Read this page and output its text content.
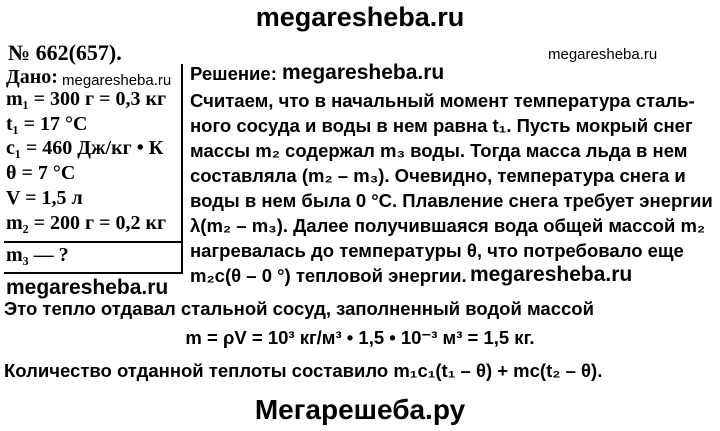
megaresheba.ru
megaresheba.ru
№ 662(657).
Дано: megaresheba.ru
m₁ = 300 г = 0,3 кг
t₁ = 17 °С
c₁ = 460 Дж/кг • К
θ = 7 °С
V = 1,5 л
m₂ = 200 г = 0,2 кг
m₃ — ?
Решение: megaresheba.ru
Считаем, что в начальный момент температура сталь-
ного сосуда и воды в нем равна t₁. Пусть мокрый снег
массы m₂ содержал m₃ воды. Тогда масса льда в нем
составляла (m₂ – m₃). Очевидно, температура снега и
воды в нем была 0 °С. Плавление снега требует энергии
λ(m₂ – m₃). Далее получившаяся вода общей массой m₂
нагревалась до температуры θ, что потребовало еще
m₂c(θ – 0 °) тепловой энергии. megaresheba.ru
megaresheba.ru
Это тепло отдавал стальной сосуд, заполненный водой массой
m = ρV = 10³ кг/м³ • 1,5 • 10⁻³ м³ = 1,5 кг.
Количество отданной теплоты составило m₁c₁(t₁ – θ) + mc(t₂ – θ).
Мегарешеба.ру
